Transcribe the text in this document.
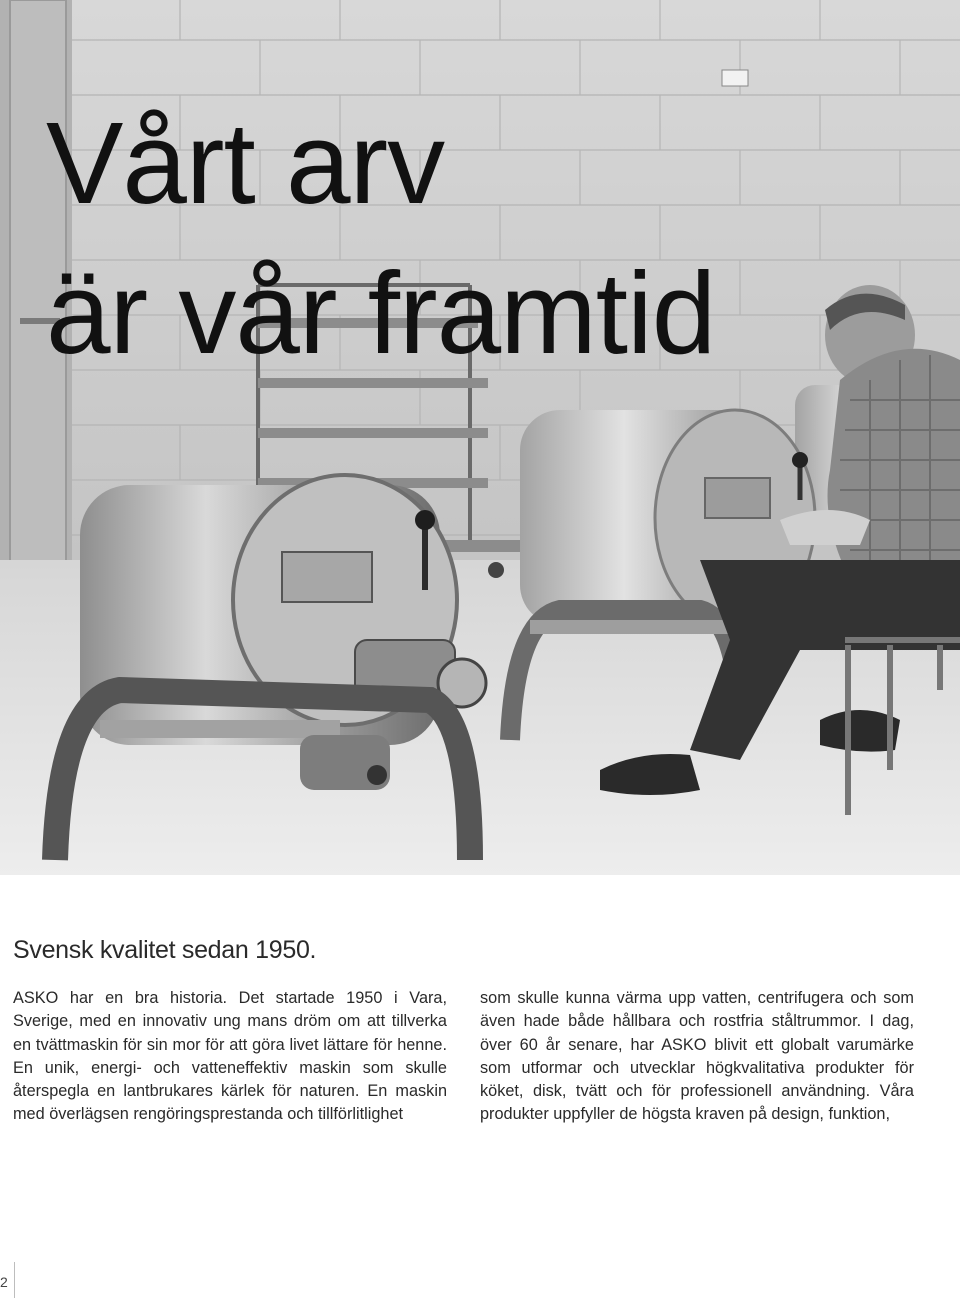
Vårt arv
är vår framtid
Svensk kvalitet sedan 1950.

ASKO har en bra historia. Det startade 1950 i Vara, Sverige, med en innovativ ung mans dröm om att tillverka en tvättmaskin för sin mor för att göra livet lättare för henne. En unik, energi- och vatteneffektiv maskin som skulle återspegla en lantbrukares kärlek för naturen. En maskin med överlägsen rengöringsprestanda och tillförlitlighet

som skulle kunna värma upp vatten, centrifugera och som även hade både hållbara och rostfria ståltrummor. I dag, över 60 år senare, har ASKO blivit ett globalt varumärke som utformar och utvecklar högkvalitativa produkter för köket, disk, tvätt och för professionell användning. Våra produkter uppfyller de högsta kraven på design, funktion,

2
